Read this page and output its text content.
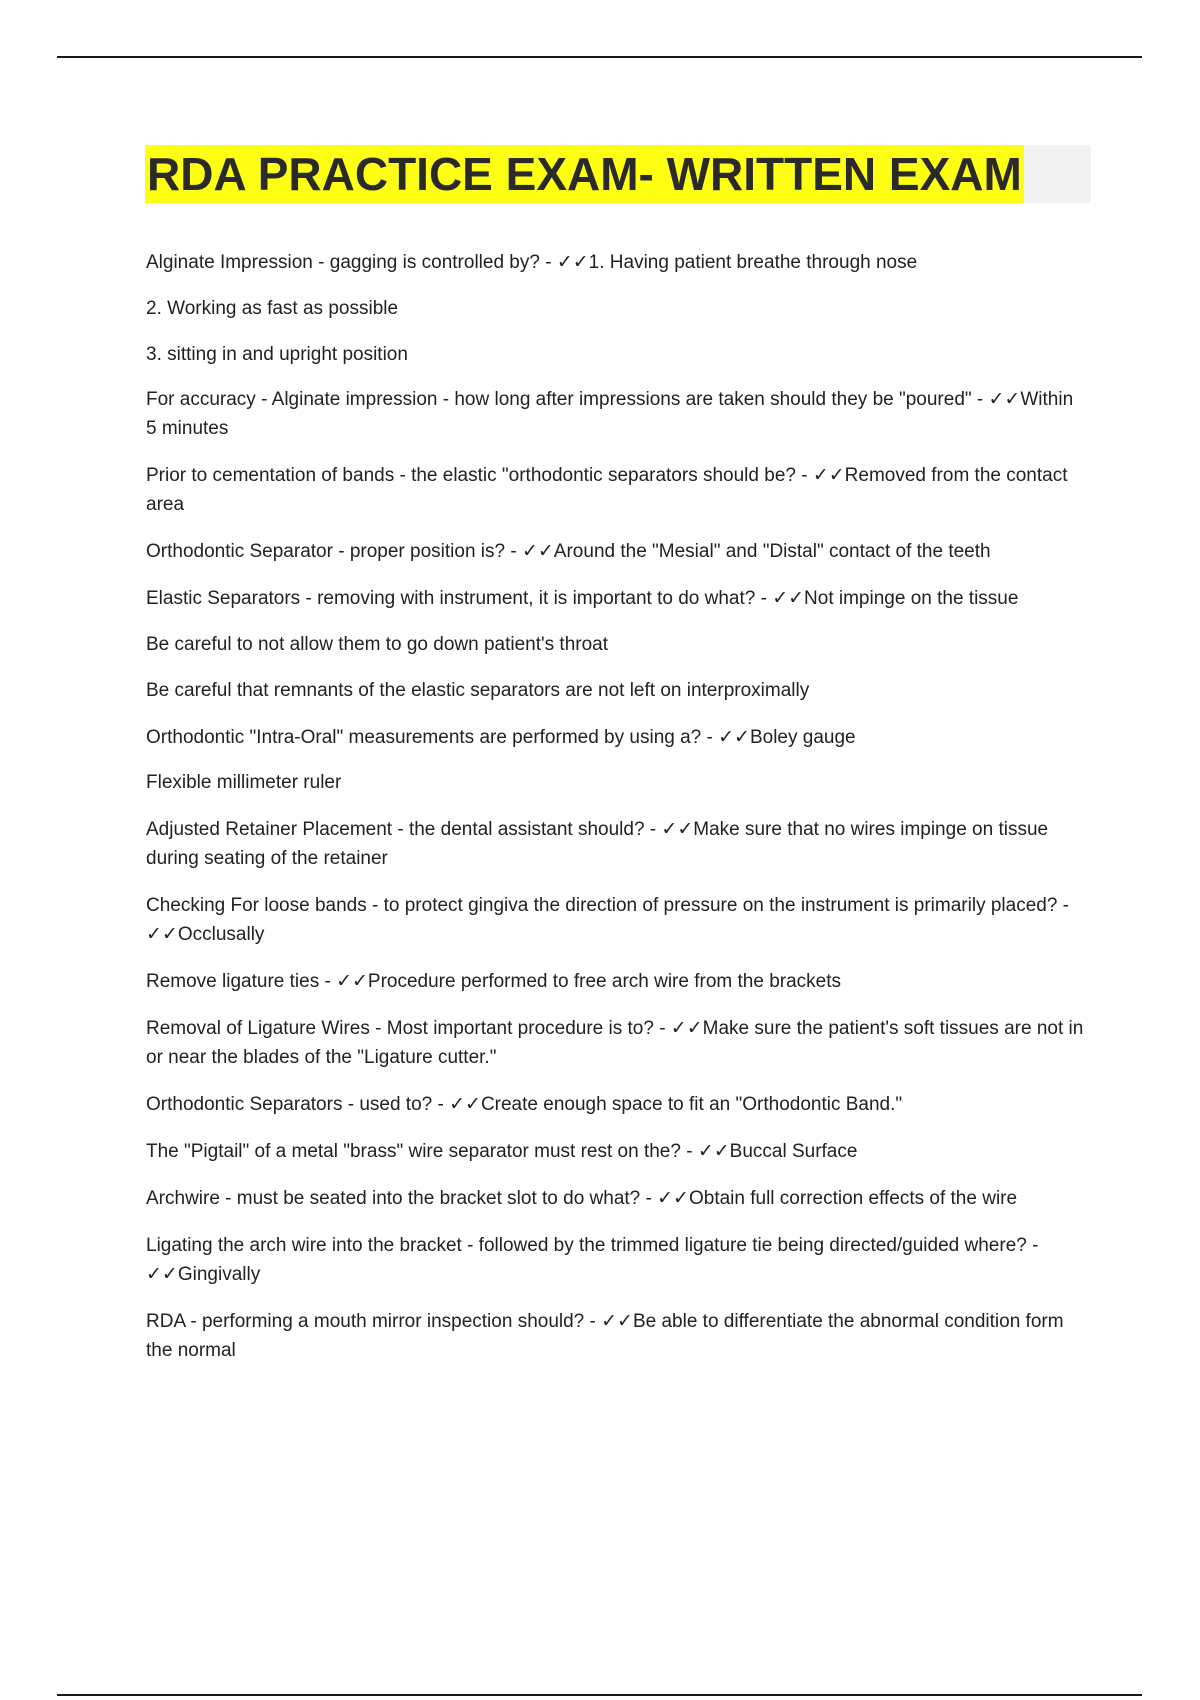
RDA PRACTICE EXAM- WRITTEN EXAM

Alginate Impression - gagging is controlled by? - ✓✓1. Having patient breathe through nose

2. Working as fast as possible

3. sitting in and upright position

For accuracy - Alginate impression - how long after impressions are taken should they be "poured" - ✓✓Within 5 minutes

Prior to cementation of bands - the elastic "orthodontic separators should be? - ✓✓Removed from the contact area

Orthodontic Separator - proper position is? - ✓✓Around the "Mesial" and "Distal" contact of the teeth

Elastic Separators - removing with instrument, it is important to do what? - ✓✓Not impinge on the tissue

Be careful to not allow them to go down patient's throat

Be careful that remnants of the elastic separators are not left on interproximally

Orthodontic "Intra-Oral" measurements are performed by using a? - ✓✓Boley gauge

Flexible millimeter ruler

Adjusted Retainer Placement - the dental assistant should? - ✓✓Make sure that no wires impinge on tissue during seating of the retainer

Checking For loose bands - to protect gingiva the direction of pressure on the instrument is primarily placed? - ✓✓Occlusally

Remove ligature ties - ✓✓Procedure performed to free arch wire from the brackets

Removal of Ligature Wires - Most important procedure is to? - ✓✓Make sure the patient's soft tissues are not in or near the blades of the "Ligature cutter."

Orthodontic Separators - used to? - ✓✓Create enough space to fit an "Orthodontic Band."

The "Pigtail" of a metal "brass" wire separator must rest on the? - ✓✓Buccal Surface

Archwire - must be seated into the bracket slot to do what? - ✓✓Obtain full correction effects of the wire

Ligating the arch wire into the bracket - followed by the trimmed ligature tie being directed/guided where? - ✓✓Gingivally

RDA - performing a mouth mirror inspection should? - ✓✓Be able to differentiate the abnormal condition form the normal
